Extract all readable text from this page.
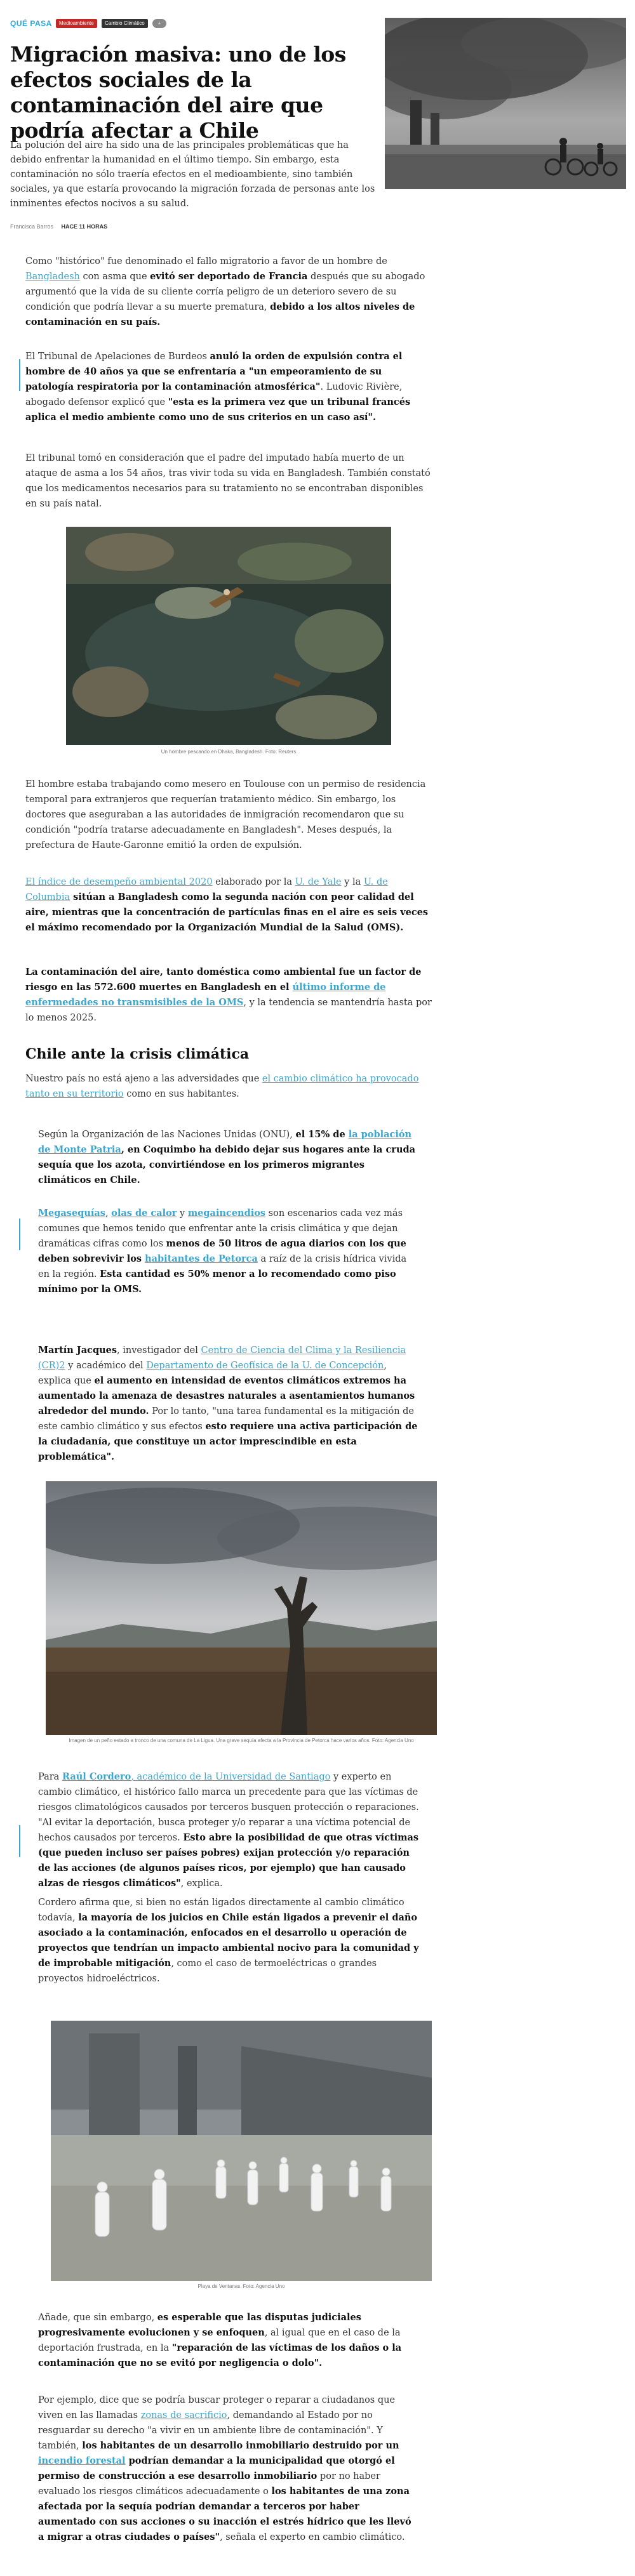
QUÉ PASA	Medioambiente	Cambio Climático	+
Migración masiva: uno de los efectos sociales de la contaminación del aire que podría afectar a Chile

La polución del aire ha sido una de las principales problemáticas que ha debido enfrentar la humanidad en el último tiempo. Sin embargo, esta contaminación no sólo traería efectos en el medioambiente, sino también sociales, ya que estaría provocando la migración forzada de personas ante los inminentes efectos nocivos a su salud.

Francisca Barros HACE 11 HORAS

Como "histórico" fue denominado el fallo migratorio a favor de un hombre de Bangladesh con asma que evitó ser deportado de Francia después que su abogado argumentó que la vida de su cliente corría peligro de un deterioro severo de su condición que podría llevar a su muerte prematura, debido a los altos niveles de contaminación en su país.

El Tribunal de Apelaciones de Burdeos anuló la orden de expulsión contra el hombre de 40 años ya que se enfrentaría a "un empeoramiento de su patología respiratoria por la contaminación atmosférica". Ludovic Rivière, abogado defensor explicó que "esta es la primera vez que un tribunal francés aplica el medio ambiente como uno de sus criterios en un caso así".

El tribunal tomó en consideración que el padre del imputado había muerto de un ataque de asma a los 54 años, tras vivir toda su vida en Bangladesh. También constató que los medicamentos necesarios para su tratamiento no se encontraban disponibles en su país natal.

Un hombre pescando en Dhaka, Bangladesh. Foto: Reuters

El hombre estaba trabajando como mesero en Toulouse con un permiso de residencia temporal para extranjeros que requerían tratamiento médico. Sin embargo, los doctores que aseguraban a las autoridades de inmigración recomendaron que su condición "podría tratarse adecuadamente en Bangladesh". Meses después, la prefectura de Haute-Garonne emitió la orden de expulsión.

El índice de desempeño ambiental 2020 elaborado por la U. de Yale y la U. de Columbia sitúan a Bangladesh como la segunda nación con peor calidad del aire, mientras que la concentración de partículas finas en el aire es seis veces el máximo recomendado por la Organización Mundial de la Salud (OMS).

La contaminación del aire, tanto doméstica como ambiental fue un factor de riesgo en las 572.600 muertes en Bangladesh en el último informe de enfermedades no transmisibles de la OMS, y la tendencia se mantendría hasta por lo menos 2025.

Chile ante la crisis climática

Nuestro país no está ajeno a las adversidades que el cambio climático ha provocado tanto en su territorio como en sus habitantes.

Según la Organización de las Naciones Unidas (ONU), el 15% de la población de Monte Patria, en Coquimbo ha debido dejar sus hogares ante la cruda sequía que los azota, convirtiéndose en los primeros migrantes climáticos en Chile.

Megasequías, olas de calor y megaincendios son escenarios cada vez más comunes que hemos tenido que enfrentar ante la crisis climática y que dejan dramáticas cifras como los menos de 50 litros de agua diarios con los que deben sobrevivir los habitantes de Petorca a raíz de la crisis hídrica vivida en la región. Esta cantidad es 50% menor a lo recomendado como piso mínimo por la OMS.

Martín Jacques, investigador del Centro de Ciencia del Clima y la Resiliencia (CR)2 y académico del Departamento de Geofísica de la U. de Concepción, explica que el aumento en intensidad de eventos climáticos extremos ha aumentado la amenaza de desastres naturales a asentamientos humanos alrededor del mundo. Por lo tanto, "una tarea fundamental es la mitigación de este cambio climático y sus efectos esto requiere una activa participación de la ciudadanía, que constituye un actor imprescindible en esta problemática".

Imagen de un peño estado a tronco de una comuna de La Ligua. Una grave sequía afecta a la Provincia de Petorca hace varios años. Foto: Agencia Uno

Para Raúl Cordero, académico de la Universidad de Santiago y experto en cambio climático, el histórico fallo marca un precedente para que las víctimas de riesgos climatológicos causados por terceros busquen protección o reparaciones. "Al evitar la deportación, busca proteger y/o reparar a una víctima potencial de hechos causados por terceros. Esto abre la posibilidad de que otras víctimas (que pueden incluso ser países pobres) exijan protección y/o reparación de las acciones (de algunos países ricos, por ejemplo) que han causado alzas de riesgos climáticos", explica.

Cordero afirma que, si bien no están ligados directamente al cambio climático todavía, la mayoría de los juicios en Chile están ligados a prevenir el daño asociado a la contaminación, enfocados en el desarrollo u operación de proyectos que tendrían un impacto ambiental nocivo para la comunidad y de improbable mitigación, como el caso de termoeléctricas o grandes proyectos hidroeléctricos.

Playa de Ventanas. Foto: Agencia Uno

Añade, que sin embargo, es esperable que las disputas judiciales progresivamente evolucionen y se enfoquen, al igual que en el caso de la deportación frustrada, en la "reparación de las víctimas de los daños o la contaminación que no se evitó por negligencia o dolo".

Por ejemplo, dice que se podría buscar proteger o reparar a ciudadanos que viven en las llamadas zonas de sacrificio, demandando al Estado por no resguardar su derecho "a vivir en un ambiente libre de contaminación". Y también, los habitantes de un desarrollo inmobiliario destruido por un incendio forestal podrían demandar a la municipalidad que otorgó el permiso de construcción a ese desarrollo inmobiliario por no haber evaluado los riesgos climáticos adecuadamente o los habitantes de una zona afectada por la sequía podrían demandar a terceros por haber aumentado con sus acciones o su inacción el estrés hídrico que les llevó a migrar a otras ciudades o países", señala el experto en cambio climático.
